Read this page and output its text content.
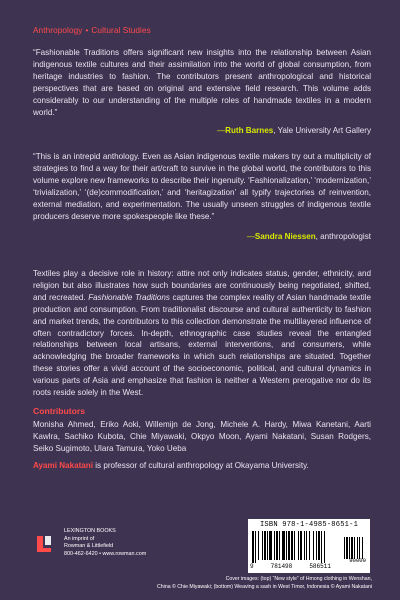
Anthropology • Cultural Studies
“Fashionable Traditions offers significant new insights into the relationship between Asian indigenous textile cultures and their assimilation into the world of global consumption, from heritage industries to fashion. The contributors present anthropological and historical perspectives that are based on original and extensive field research. This volume adds considerably to our understanding of the multiple roles of handmade textiles in a modern world.”
—Ruth Barnes, Yale University Art Gallery
“This is an intrepid anthology. Even as Asian indigenous textile makers try out a multiplicity of strategies to find a way for their art/craft to survive in the global world, the contributors to this volume explore new frameworks to describe their ingenuity. ‘Fashionalization,’ ‘modernization,’ ‘trivialization,’ ‘(de)commodification,’ and ‘heritagization’ all typify trajectories of reinvention, external mediation, and experimentation. The usually unseen struggles of indigenous textile producers deserve more spokespeople like these.”
—Sandra Niessen, anthropologist
Textiles play a decisive role in history: attire not only indicates status, gender, ethnicity, and religion but also illustrates how such boundaries are continuously being negotiated, shifted, and recreated. Fashionable Traditions captures the complex reality of Asian handmade textile production and consumption. From traditionalist discourse and cultural authenticity to fashion and market trends, the contributors to this collection demonstrate the multilayered influence of often contradictory forces. In-depth, ethnographic case studies reveal the entangled relationships between local artisans, external interventions, and consumers, while acknowledging the broader frameworks in which such relationships are situated. Together these stories offer a vivid account of the socioeconomic, political, and cultural dynamics in various parts of Asia and emphasize that fashion is neither a Western prerogative nor do its roots reside solely in the West.
Contributors
Monisha Ahmed, Eriko Aoki, Willemijn de Jong, Michele A. Hardy, Miwa Kanetani, Aarti Kawlra, Sachiko Kubota, Chie Miyawaki, Okpyo Moon, Ayami Nakatani, Susan Rodgers, Seiko Sugimoto, Ulara Tamura, Yoko Ueba
Ayami Nakatani is professor of cultural anthropology at Okayama University.
LEXINGTON BOOKS
An imprint of
Rowman & Littlefield
800-462-6420 • www.rowman.com
ISBN 978-1-4985-8651-1
90000
9	781498	586511
Cover images: (top) “New style” of Hmong clothing in Wenshan,
China © Chie Miyawaki; (bottom) Weaving a sash in West Timor, Indonesia © Ayami Nakatani
